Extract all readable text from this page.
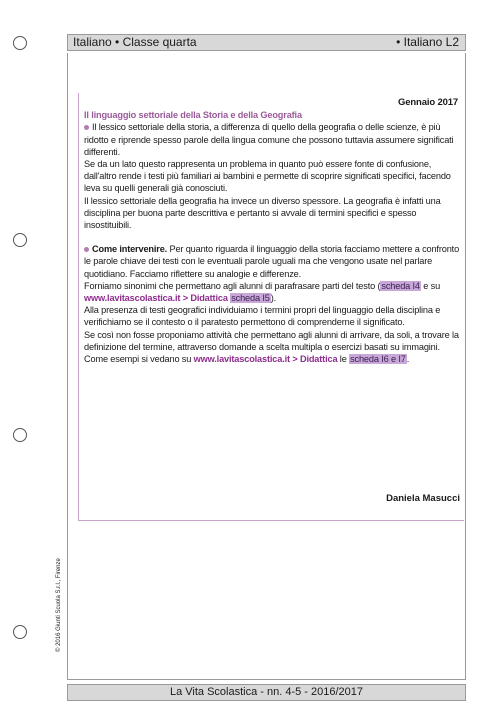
Italiano • Classe quarta	• Italiano L2
© 2016 Giunti Scuola S.r.l., Firenze
Gennaio 2017
Il linguaggio settoriale della Storia e della Geografia

Il lessico settoriale della storia, a differenza di quello della geografia o delle scienze, è più ridotto e riprende spesso parole della lingua comune che possono tuttavia assumere significati differenti.

Se da un lato questo rappresenta un problema in quanto può essere fonte di confusione, dall'altro rende i testi più familiari ai bambini e permette di scoprire significati specifici, facendo leva su quelli generali già conosciuti.

Il lessico settoriale della geografia ha invece un diverso spessore. La geografia è infatti una disciplina per buona parte descrittiva e pertanto si avvale di termini specifici e spesso insostituibili.

Come intervenire. Per quanto riguarda il linguaggio della storia facciamo mettere a confronto le parole chiave dei testi con le eventuali parole uguali ma che vengono usate nel parlare quotidiano. Facciamo riflettere su analogie e differenze.

Forniamo sinonimi che permettano agli alunni di parafrasare parti del testo (scheda I4 e su www.lavitascolastica.it > Didattica scheda I5).

Alla presenza di testi geografici individuiamo i termini propri del linguaggio della disciplina e verifichiamo se il contesto o il paratesto permettono di comprenderne il significato.

Se così non fosse proponiamo attività che permettano agli alunni di arrivare, da soli, a trovare la definizione del termine, attraverso domande a scelta multipla o esercizi basati su immagini. Come esempi si vedano su www.lavitascolastica.it > Didattica le scheda I6 e I7.

Daniela Masucci
La Vita Scolastica - nn. 4-5 - 2016/2017
